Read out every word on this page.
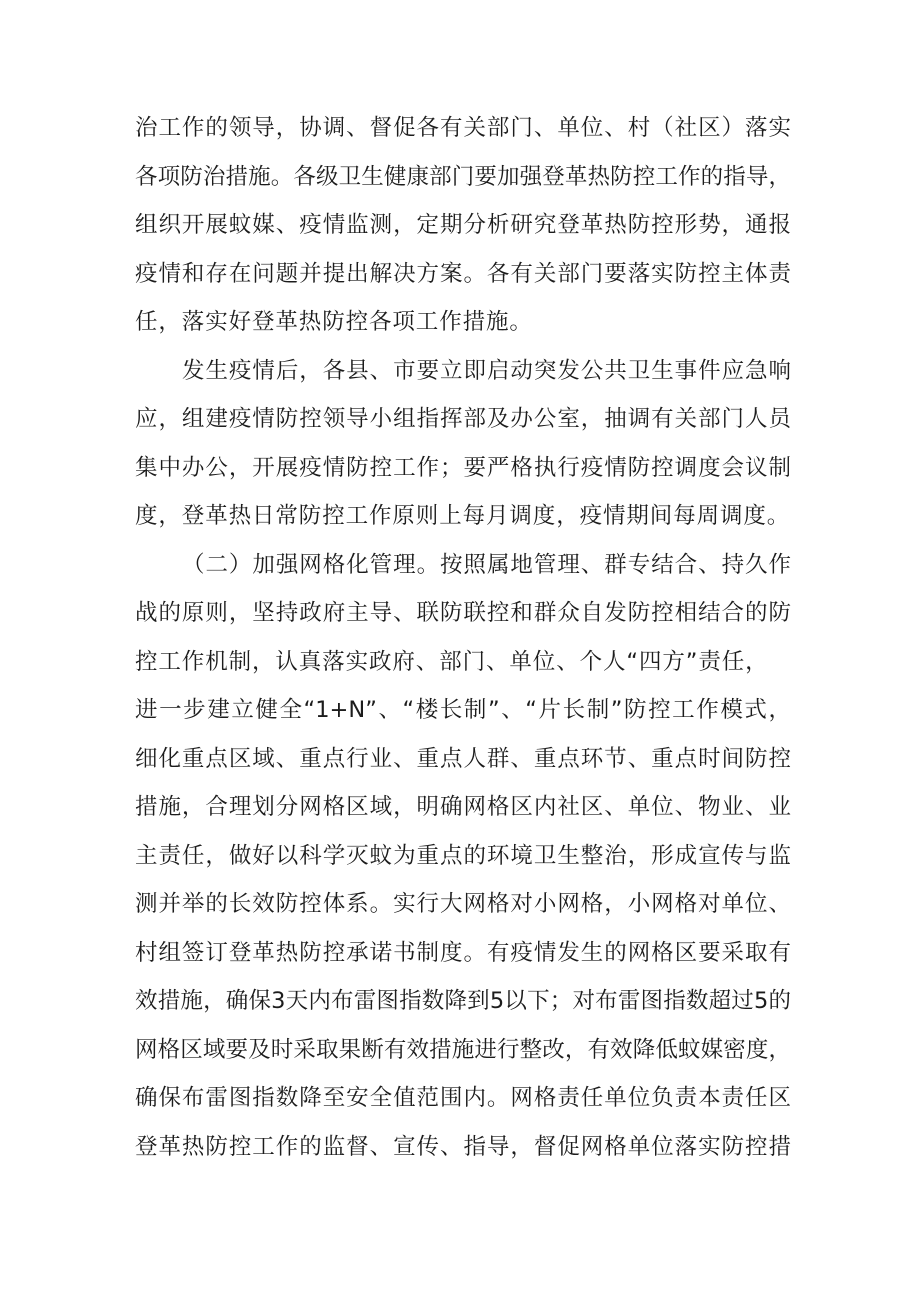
治工作的领导，协调、督促各有关部门、单位、村（社区）落实
各项防治措施。各级卫生健康部门要加强登革热防控工作的指导，
组织开展蚊媒、疫情监测，定期分析研究登革热防控形势，通报
疫情和存在问题并提出解决方案。各有关部门要落实防控主体责
任，落实好登革热防控各项工作措施。
发生疫情后，各县、市要立即启动突发公共卫生事件应急响
应，组建疫情防控领导小组指挥部及办公室，抽调有关部门人员
集中办公，开展疫情防控工作；要严格执行疫情防控调度会议制
度，登革热日常防控工作原则上每月调度，疫情期间每周调度。
（二）加强网格化管理。按照属地管理、群专结合、持久作
战的原则，坚持政府主导、联防联控和群众自发防控相结合的防
控工作机制，认真落实政府、部门、单位、个人“四方”责任，
进一步建立健全“1+N”、“楼长制”、“片长制”防控工作模式，
细化重点区域、重点行业、重点人群、重点环节、重点时间防控
措施，合理划分网格区域，明确网格区内社区、单位、物业、业
主责任，做好以科学灭蚊为重点的环境卫生整治，形成宣传与监
测并举的长效防控体系。实行大网格对小网格，小网格对单位、
村组签订登革热防控承诺书制度。有疫情发生的网格区要采取有
效措施，确保3天内布雷图指数降到5以下；对布雷图指数超过5的
网格区域要及时采取果断有效措施进行整改，有效降低蚊媒密度，
确保布雷图指数降至安全值范围内。网格责任单位负责本责任区
登革热防控工作的监督、宣传、指导，督促网格单位落实防控措
